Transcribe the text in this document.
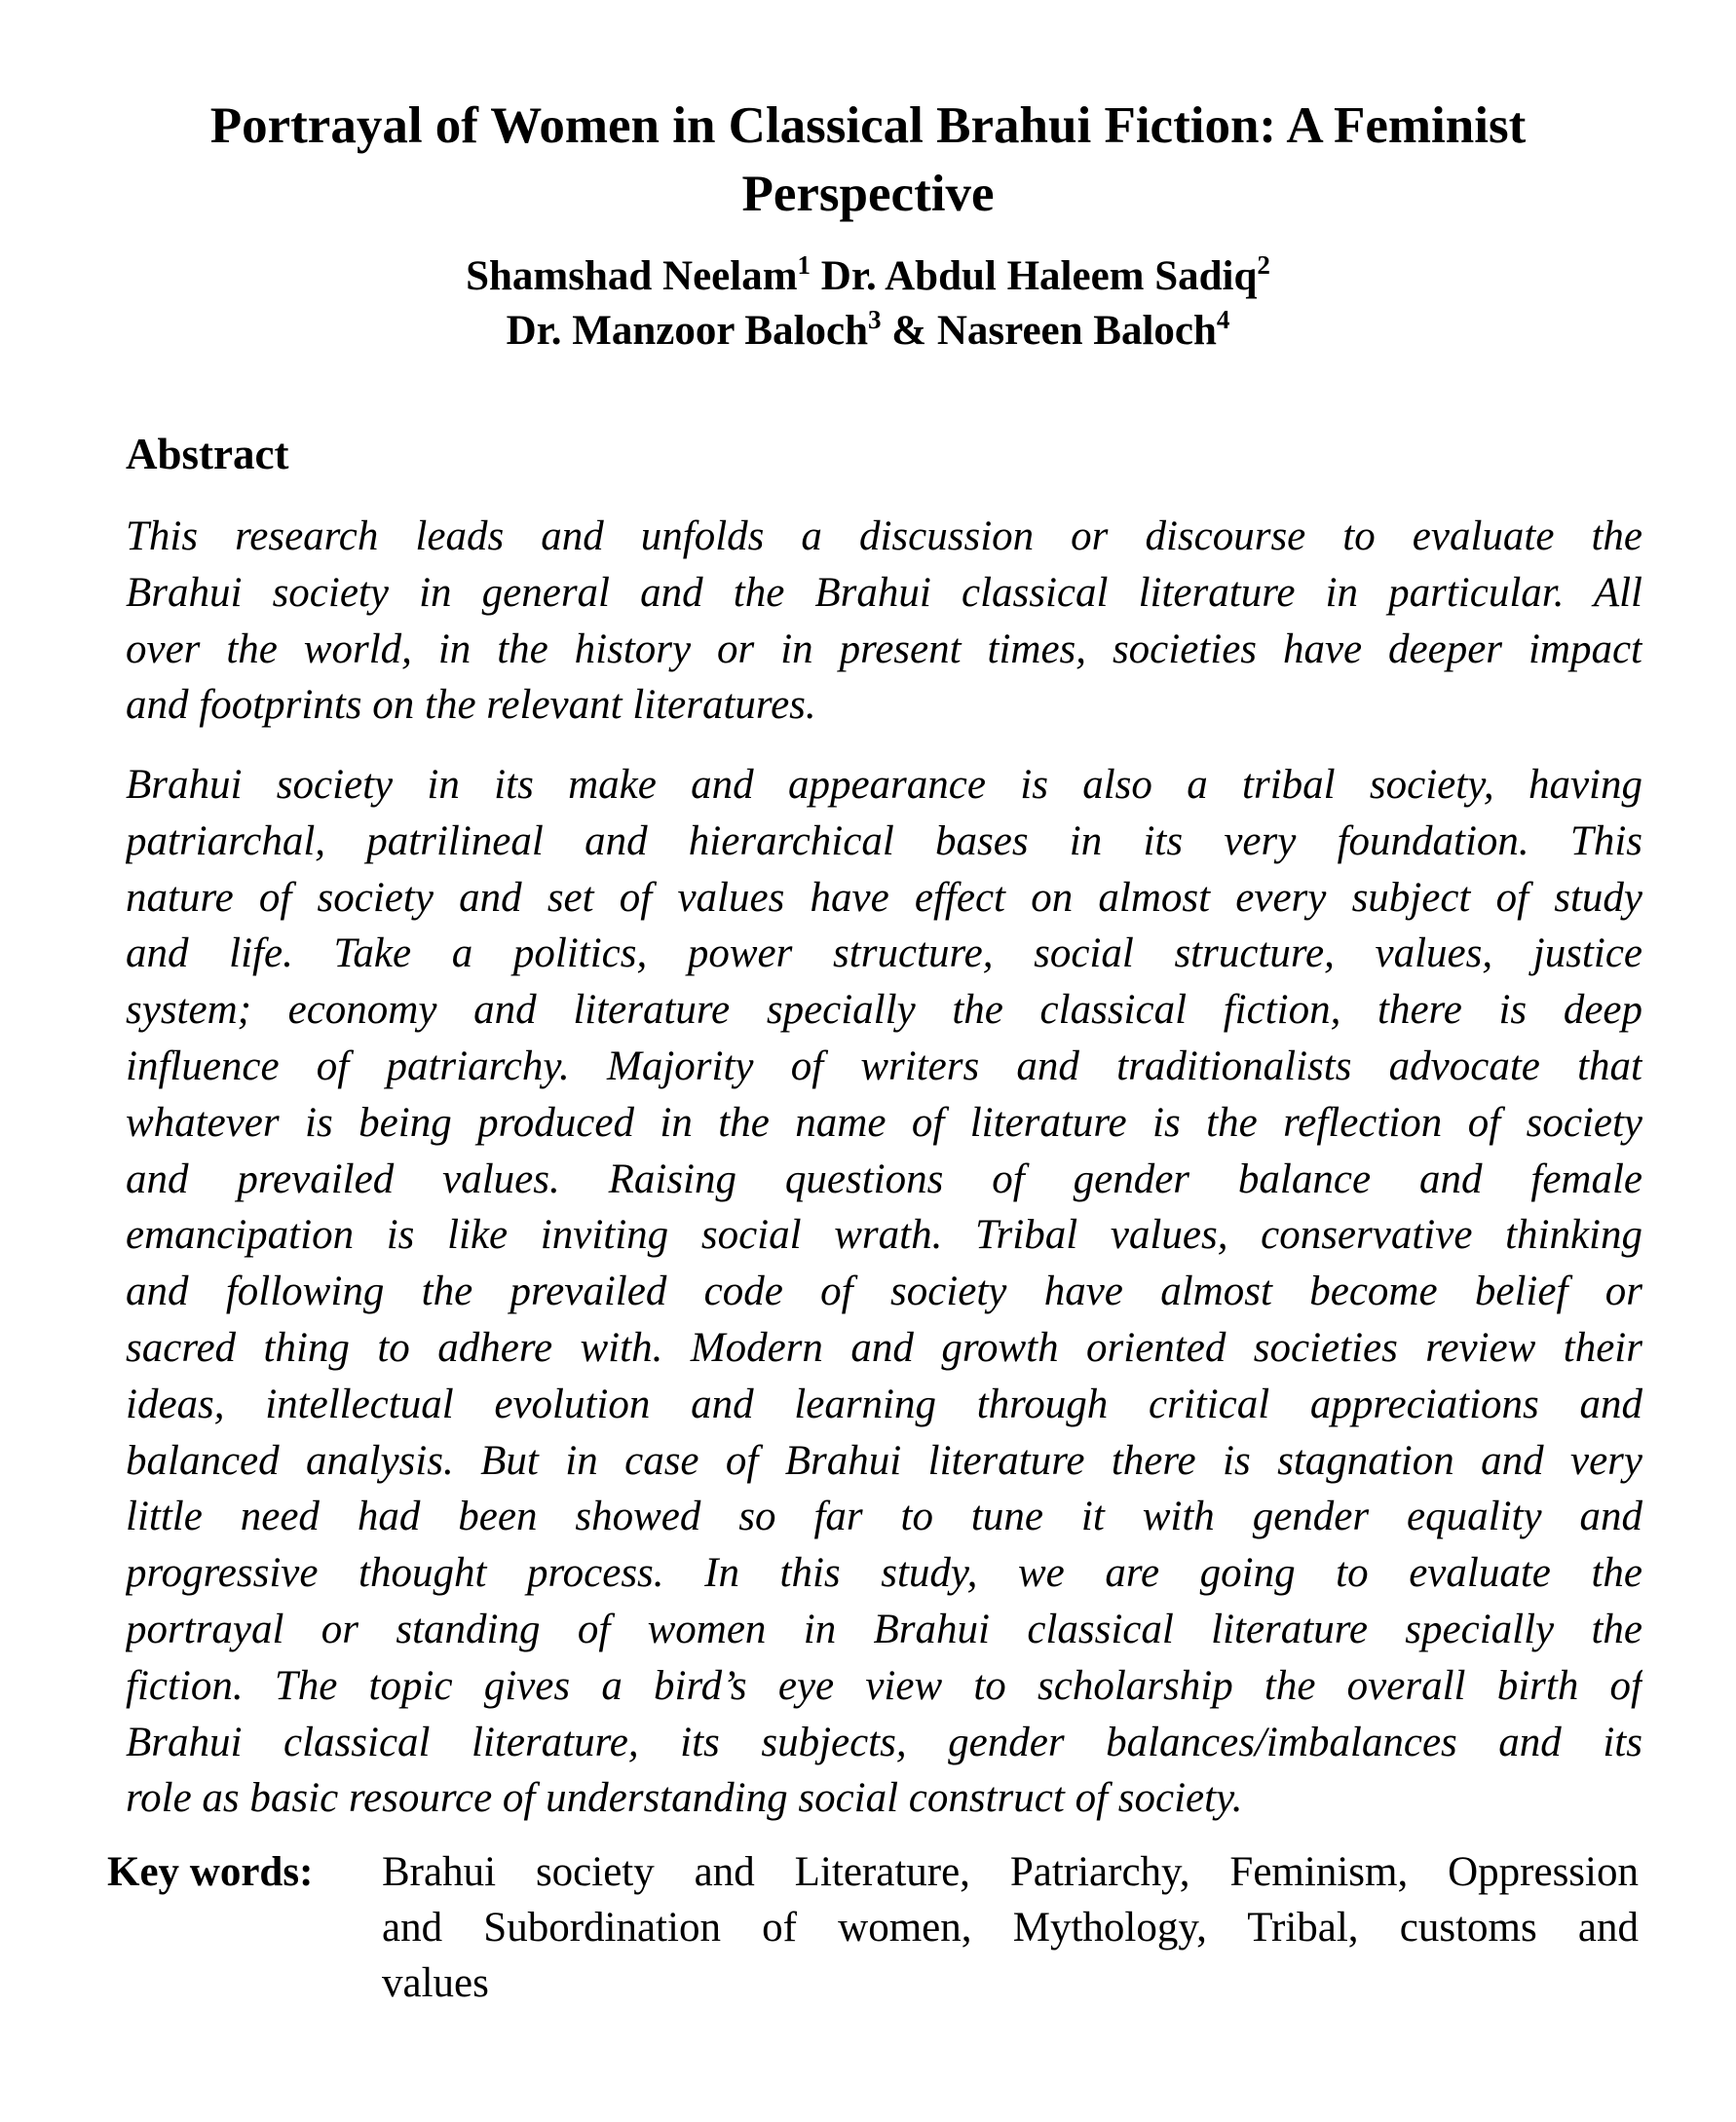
Portrayal of Women in Classical Brahui Fiction: A Feminist
Perspective
Shamshad Neelam$^1$ Dr. Abdul Haleem Sadiq$^2$
Dr. Manzoor Baloch$^3$ & Nasreen Baloch$^4$
Abstract
This research leads and unfolds a discussion or discourse to evaluate the
Brahui society in general and the Brahui classical literature in particular. All
over the world, in the history or in present times, societies have deeper impact
and footprints on the relevant literatures.
Brahui society in its make and appearance is also a tribal society, having
patriarchal, patrilineal and hierarchical bases in its very foundation. This
nature of society and set of values have effect on almost every subject of study
and life. Take a politics, power structure, social structure, values, justice
system; economy and literature specially the classical fiction, there is deep
influence of patriarchy. Majority of writers and traditionalists advocate that
whatever is being produced in the name of literature is the reflection of society
and prevailed values. Raising questions of gender balance and female
emancipation is like inviting social wrath. Tribal values, conservative thinking
and following the prevailed code of society have almost become belief or
sacred thing to adhere with. Modern and growth oriented societies review their
ideas, intellectual evolution and learning through critical appreciations and
balanced analysis. But in case of Brahui literature there is stagnation and very
little need had been showed so far to tune it with gender equality and
progressive thought process. In this study, we are going to evaluate the
portrayal or standing of women in Brahui classical literature specially the
fiction. The topic gives a bird’s eye view to scholarship the overall birth of
Brahui classical literature, its subjects, gender balances/imbalances and its
role as basic resource of understanding social construct of society.
Key words: Brahui society and Literature, Patriarchy, Feminism, Oppression
and Subordination of women, Mythology, Tribal, customs and
values
